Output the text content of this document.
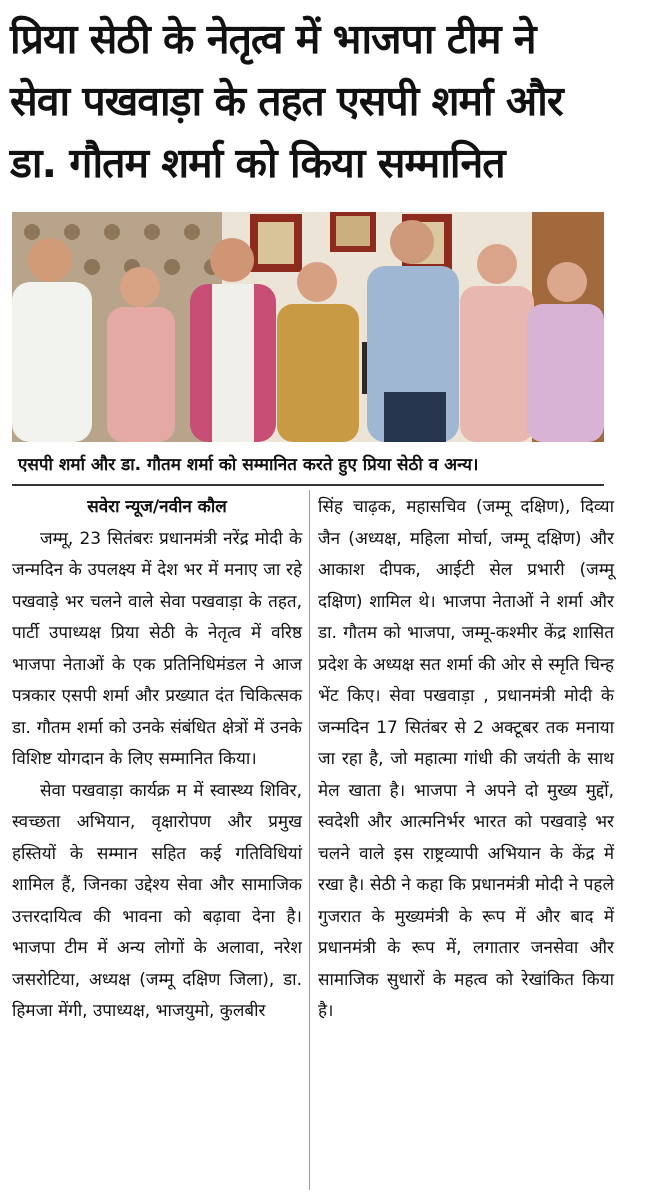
प्रिया सेठी के नेतृत्व में भाजपा टीम ने
सेवा पखवाड़ा के तहत एसपी शर्मा और
डा. गौतम शर्मा को किया सम्मानित
एसपी शर्मा और डा. गौतम शर्मा को सम्मानित करते हुए प्रिया सेठी व अन्य।
सवेरा न्यूज/नवीन कौल

जम्मू, 23 सितंबरः प्रधानमंत्री नरेंद्र मोदी के जन्मदिन के उपलक्ष्य में देश भर में मनाए जा रहे पखवाड़े भर चलने वाले सेवा पखवाड़ा के तहत, पार्टी उपाध्यक्ष प्रिया सेठी के नेतृत्व में वरिष्ठ भाजपा नेताओं के एक प्रतिनिधिमंडल ने आज पत्रकार एसपी शर्मा और प्रख्यात दंत चिकित्सक डा. गौतम शर्मा को उनके संबंधित क्षेत्रों में उनके विशिष्ट योगदान के लिए सम्मानित किया।

सेवा पखवाड़ा कार्यक्र म में स्वास्थ्य शिविर, स्वच्छता अभियान, वृक्षारोपण और प्रमुख हस्तियों के सम्मान सहित कई गतिविधियां शामिल हैं, जिनका उद्देश्य सेवा और सामाजिक उत्तरदायित्व की भावना को बढ़ावा देना है। भाजपा टीम में अन्य लोगों के अलावा, नरेश जसरोटिया, अध्यक्ष (जम्मू दक्षिण जिला), डा. हिमजा मेंगी, उपाध्यक्ष, भाजयुमो, कुलबीर

सिंह चाढ़क, महासचिव (जम्मू दक्षिण), दिव्या जैन (अध्यक्ष, महिला मोर्चा, जम्मू दक्षिण) और आकाश दीपक, आईटी सेल प्रभारी (जम्मू दक्षिण) शामिल थे। भाजपा नेताओं ने शर्मा और डा. गौतम को भाजपा, जम्मू-कश्मीर केंद्र शासित प्रदेश के अध्यक्ष सत शर्मा की ओर से स्मृति चिन्ह भेंट किए। सेवा पखवाड़ा , प्रधानमंत्री मोदी के जन्मदिन 17 सितंबर से 2 अक्टूबर तक मनाया जा रहा है, जो महात्मा गांधी की जयंती के साथ मेल खाता है। भाजपा ने अपने दो मुख्य मुद्दों, स्वदेशी और आत्मनिर्भर भारत को पखवाड़े भर चलने वाले इस राष्ट्रव्यापी अभियान के केंद्र में रखा है। सेठी ने कहा कि प्रधानमंत्री मोदी ने पहले गुजरात के मुख्यमंत्री के रूप में और बाद में प्रधानमंत्री के रूप में, लगातार जनसेवा और सामाजिक सुधारों के महत्व को रेखांकित किया है।
